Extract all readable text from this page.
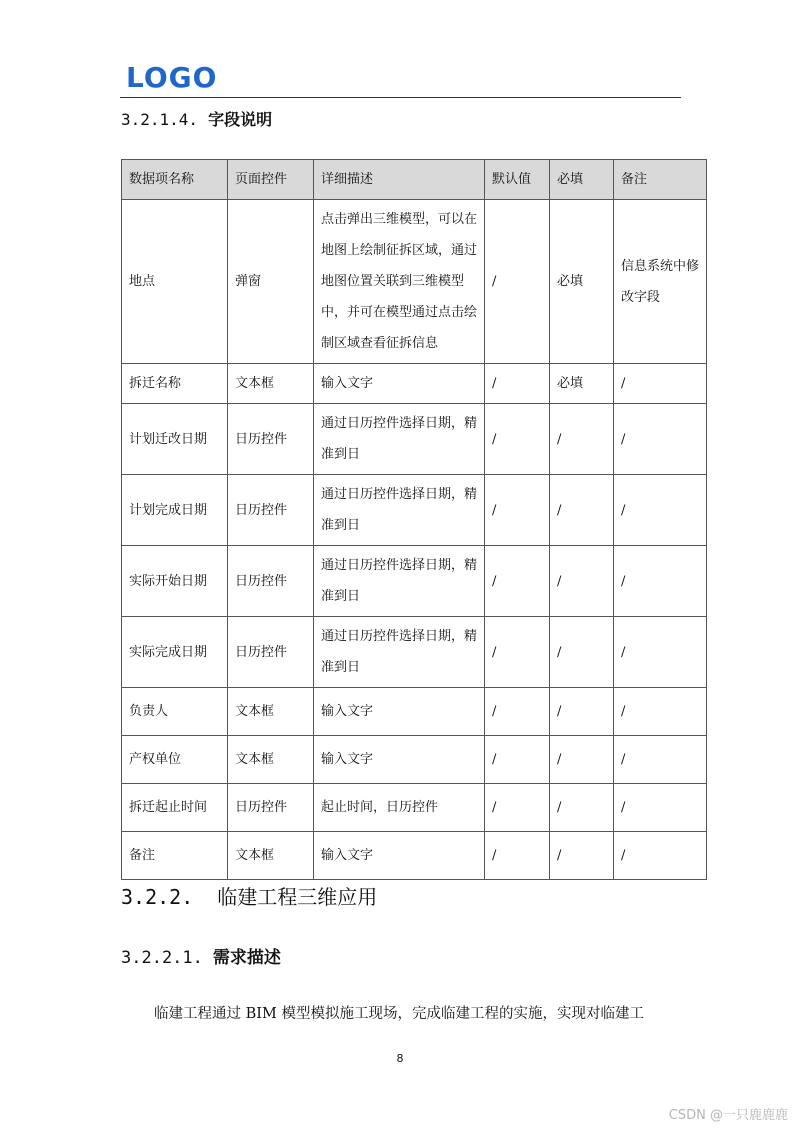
LOGO
3.2.1.4. 字段说明
数据项名称	页面控件	详细描述	默认值	必填	备注
地点	弹窗	点击弹出三维模型，可以在地图上绘制征拆区域，通过地图位置关联到三维模型中，并可在模型通过点击绘制区域查看征拆信息	/	必填	信息系统中修改字段
拆迁名称	文本框	输入文字	/	必填	/
计划迁改日期	日历控件	通过日历控件选择日期，精准到日	/	/	/
计划完成日期	日历控件	通过日历控件选择日期，精准到日	/	/	/
实际开始日期	日历控件	通过日历控件选择日期，精准到日	/	/	/
实际完成日期	日历控件	通过日历控件选择日期，精准到日	/	/	/
负责人	文本框	输入文字	/	/	/
产权单位	文本框	输入文字	/	/	/
拆迁起止时间	日历控件	起止时间，日历控件	/	/	/
备注	文本框	输入文字	/	/	/
3.2.2. 临建工程三维应用
3.2.2.1. 需求描述
临建工程通过 BIM 模型模拟施工现场，完成临建工程的实施，实现对临建工
8
CSDN @一只鹿鹿鹿
